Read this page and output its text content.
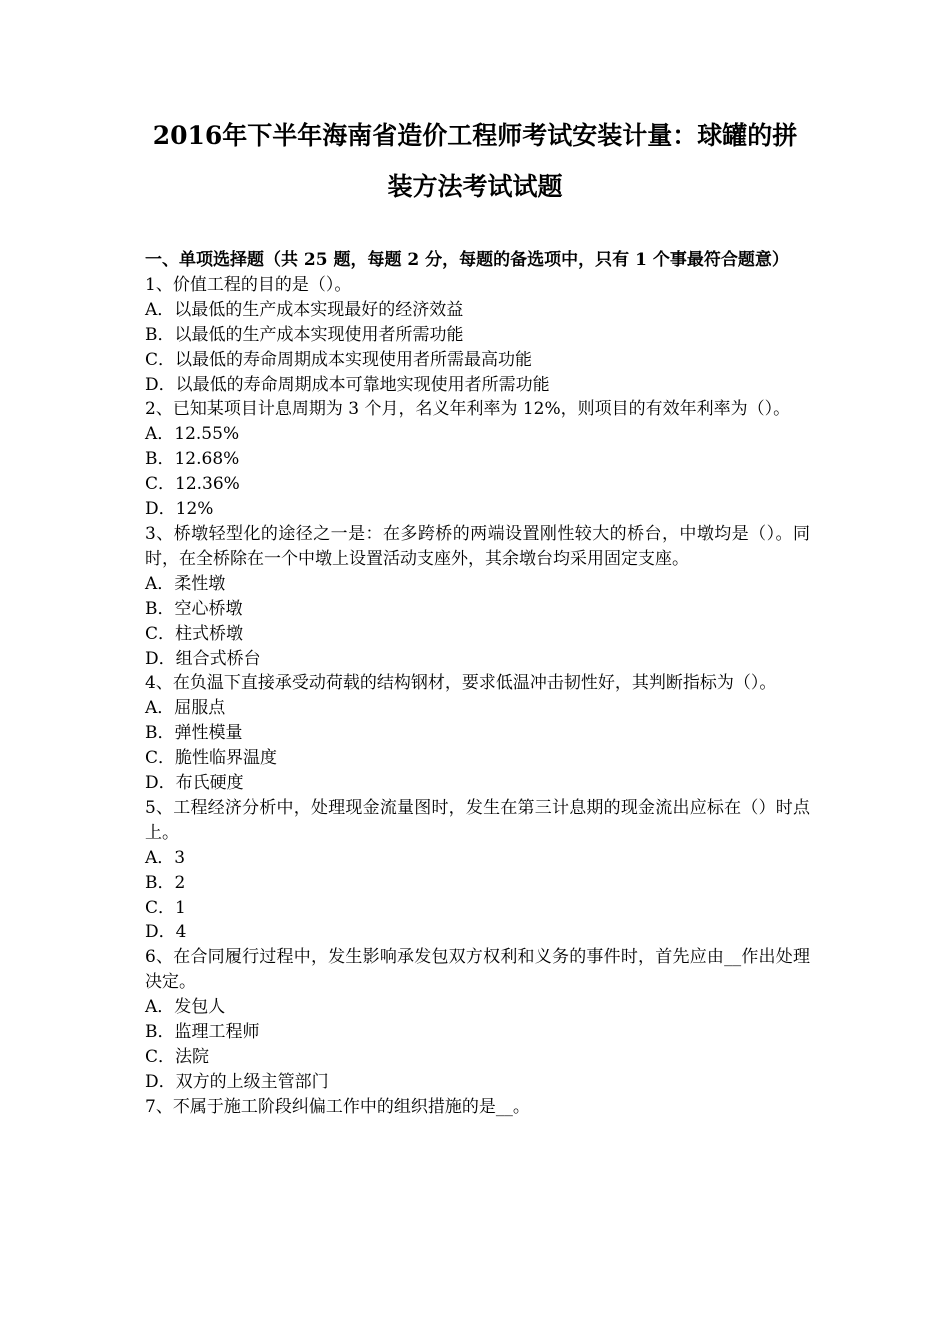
2016年下半年海南省造价工程师考试安装计量：球罐的拼
装方法考试试题
一、单项选择题（共 25 题，每题 2 分，每题的备选项中，只有 1 个事最符合题意）
1、价值工程的目的是（）。
A．以最低的生产成本实现最好的经济效益
B．以最低的生产成本实现使用者所需功能
C．以最低的寿命周期成本实现使用者所需最高功能
D．以最低的寿命周期成本可靠地实现使用者所需功能
2、已知某项目计息周期为 3 个月，名义年利率为 12%，则项目的有效年利率为（）。
A．12.55%
B．12.68%
C．12.36%
D．12%
3、桥墩轻型化的途径之一是：在多跨桥的两端设置刚性较大的桥台，中墩均是（）。同时，在全桥除在一个中墩上设置活动支座外，其余墩台均采用固定支座。
A．柔性墩
B．空心桥墩
C．柱式桥墩
D．组合式桥台
4、在负温下直接承受动荷载的结构钢材，要求低温冲击韧性好，其判断指标为（）。
A．屈服点
B．弹性模量
C．脆性临界温度
D．布氏硬度
5、工程经济分析中，处理现金流量图时，发生在第三计息期的现金流出应标在（）时点上。
A．3
B．2
C．1
D．4
6、在合同履行过程中，发生影响承发包双方权利和义务的事件时，首先应由__作出处理决定。
A．发包人
B．监理工程师
C．法院
D．双方的上级主管部门
7、不属于施工阶段纠偏工作中的组织措施的是__。
